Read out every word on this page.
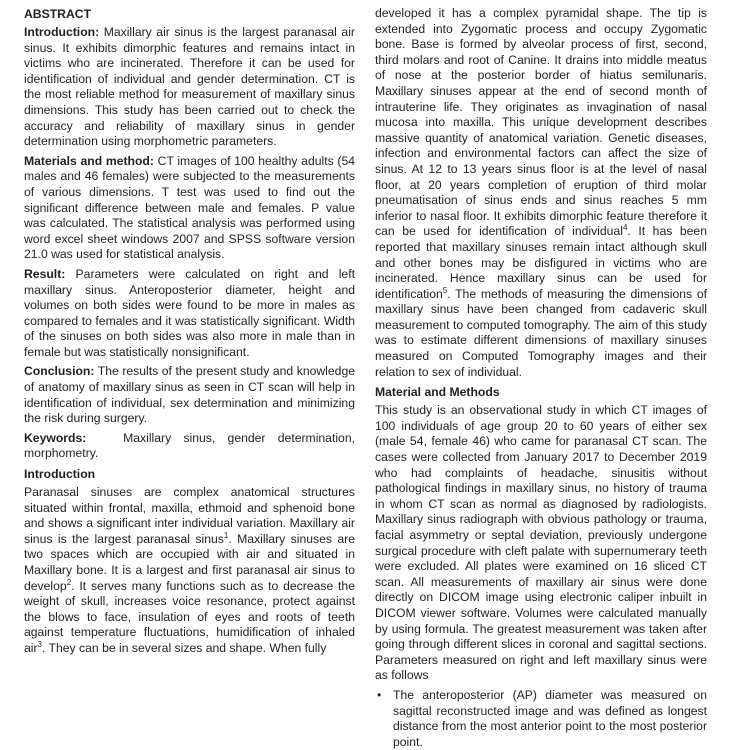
ABSTRACT

Introduction: Maxillary air sinus is the largest paranasal air sinus. It exhibits dimorphic features and remains intact in victims who are incinerated. Therefore it can be used for identification of individual and gender determination. CT is the most reliable method for measurement of maxillary sinus dimensions. This study has been carried out to check the accuracy and reliability of maxillary sinus in gender determination using morphometric parameters.

Materials and method: CT images of 100 healthy adults (54 males and 46 females) were subjected to the measurements of various dimensions. T test was used to find out the significant difference between male and females. P value was calculated. The statistical analysis was performed using word excel sheet windows 2007 and SPSS software version 21.0 was used for statistical analysis.

Result: Parameters were calculated on right and left maxillary sinus. Anteroposterior diameter, height and volumes on both sides were found to be more in males as compared to females and it was statistically significant. Width of the sinuses on both sides was also more in male than in female but was statistically nonsignificant.

Conclusion: The results of the present study and knowledge of anatomy of maxillary sinus as seen in CT scan will help in identification of individual, sex determination and minimizing the risk during surgery.

Keywords:	Maxillary sinus, gender determination, morphometry.

Introduction

Paranasal sinuses are complex anatomical structures situated within frontal, maxilla, ethmoid and sphenoid bone and shows a significant inter individual variation. Maxillary air sinus is the largest paranasal sinus$^1$. Maxillary sinuses are two spaces which are occupied with air and situated in Maxillary bone. It is a largest and first paranasal air sinus to develop$^2$. It serves many functions such as to decrease the weight of skull, increases voice resonance, protect against the blows to face, insulation of eyes and roots of teeth against temperature fluctuations, humidification of inhaled air$^3$. They can be in several sizes and shape. When fully

developed it has a complex pyramidal shape. The tip is extended into Zygomatic process and occupy Zygomatic bone. Base is formed by alveolar process of first, second, third molars and root of Canine. It drains into middle meatus of nose at the posterior border of hiatus semilunaris. Maxillary sinuses appear at the end of second month of intrauterine life. They originates as invagination of nasal mucosa into maxilla. This unique development describes massive quantity of anatomical variation. Genetic diseases, infection and environmental factors can affect the size of sinus. At 12 to 13 years sinus floor is at the level of nasal floor, at 20 years completion of eruption of third molar pneumatisation of sinus ends and sinus reaches 5 mm inferior to nasal floor. It exhibits dimorphic feature therefore it can be used for identification of individual$^4$. It has been reported that maxillary sinuses remain intact although skull and other bones may be disfigured in victims who are incinerated. Hence maxillary sinus can be used for identification$^5$. The methods of measuring the dimensions of maxillary sinus have been changed from cadaveric skull measurement to computed tomography. The aim of this study was to estimate different dimensions of maxillary sinuses measured on Computed Tomography images and their relation to sex of individual.

Material and Methods

This study is an observational study in which CT images of 100 individuals of age group 20 to 60 years of either sex (male 54, female 46) who came for paranasal CT scan. The cases were collected from January 2017 to December 2019 who had complaints of headache, sinusitis without pathological findings in maxillary sinus, no history of trauma in whom CT scan as normal as diagnosed by radiologists. Maxillary sinus radiograph with obvious pathology or trauma, facial asymmetry or septal deviation, previously undergone surgical procedure with cleft palate with supernumerary teeth were excluded. All plates were examined on 16 sliced CT scan. All measurements of maxillary air sinus were done directly on DICOM image using electronic caliper inbuilt in DICOM viewer software. Volumes were calculated manually by using formula. The greatest measurement was taken after going through different slices in coronal and sagittal sections. Parameters measured on right and left maxillary sinus were as follows

• The anteroposterior (AP) diameter was measured on sagittal reconstructed image and was defined as longest distance from the most anterior point to the most posterior point.
